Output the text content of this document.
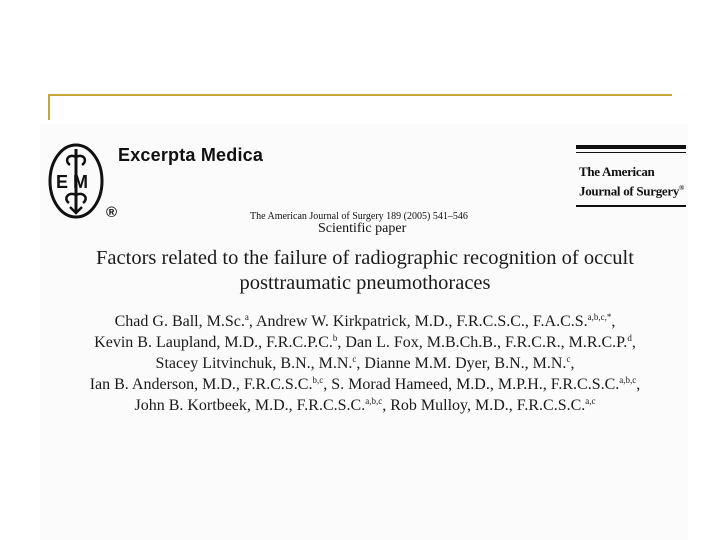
E M
®
Excerpta Medica
The American
Journal of Surgery®
The American Journal of Surgery 189 (2005) 541–546
Scientific paper
Factors related to the failure of radiographic recognition of occult
posttraumatic pneumothoraces
Chad G. Ball, M.Sc.$^a$, Andrew W. Kirkpatrick, M.D., F.R.C.S.C., F.A.C.S.$^{a,b,c,*}$,
Kevin B. Laupland, M.D., F.R.C.P.C.$^b$, Dan L. Fox, M.B.Ch.B., F.R.C.R., M.R.C.P.$^d$,
Stacey Litvinchuk, B.N., M.N.$^c$, Dianne M.M. Dyer, B.N., M.N.$^c$,
Ian B. Anderson, M.D., F.R.C.S.C.$^{b,c}$, S. Morad Hameed, M.D., M.P.H., F.R.C.S.C.$^{a,b,c}$,
John B. Kortbeek, M.D., F.R.C.S.C.$^{a,b,c}$, Rob Mulloy, M.D., F.R.C.S.C.$^{a,c}$
